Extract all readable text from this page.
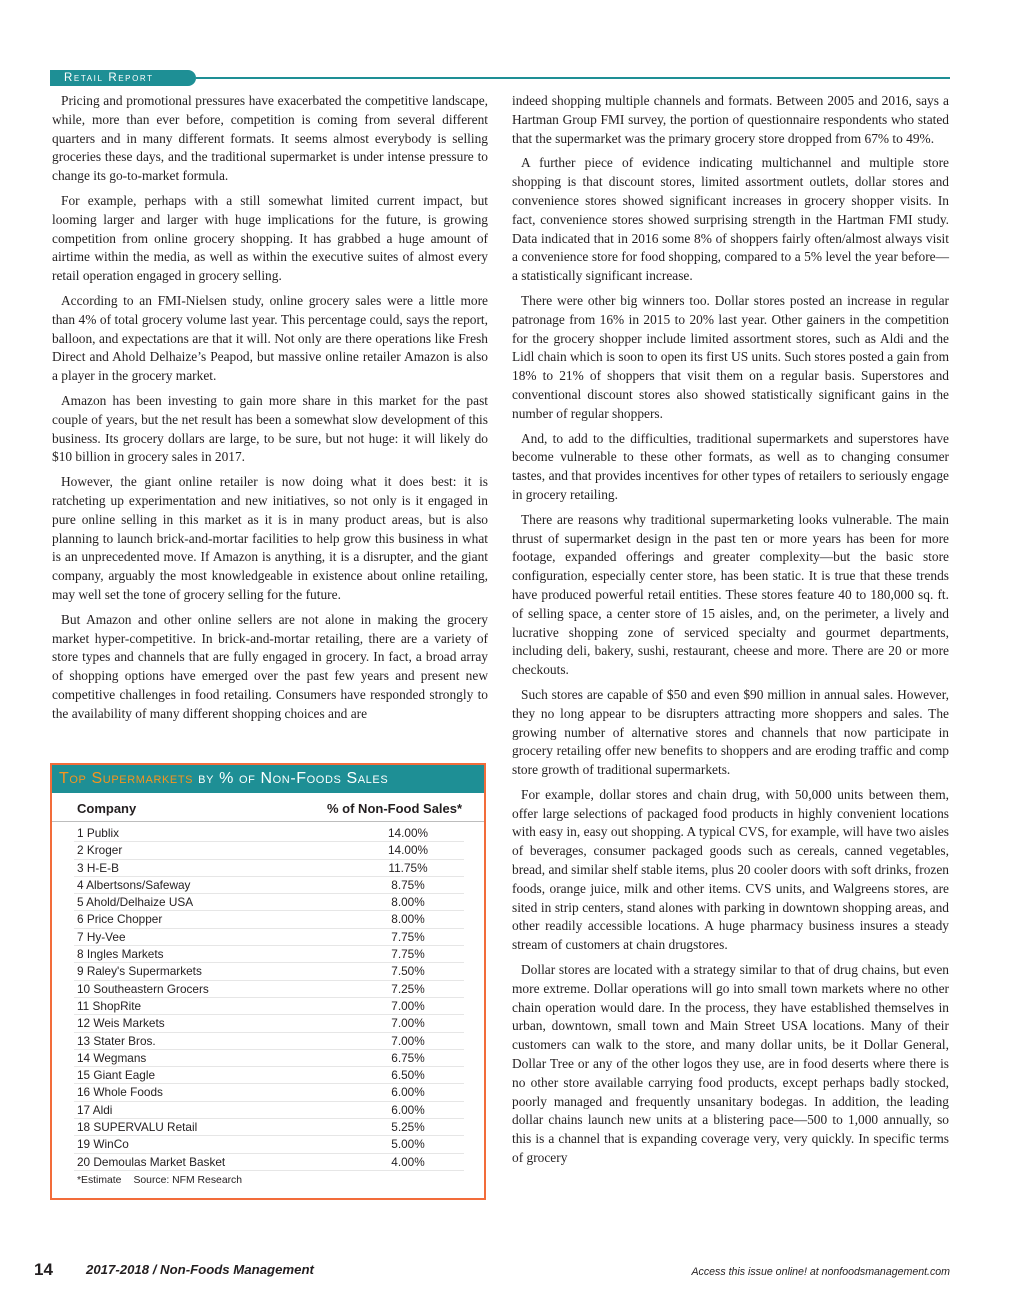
Retail Report

Pricing and promotional pressures have exacerbated the competitive landscape, while, more than ever before, competition is coming from several different quarters and in many different formats. It seems almost everybody is selling groceries these days, and the traditional supermarket is under intense pressure to change its go-to-market formula.

For example, perhaps with a still somewhat limited current impact, but looming larger and larger with huge implications for the future, is growing competition from online grocery shopping. It has grabbed a huge amount of airtime within the media, as well as within the executive suites of almost every retail operation engaged in grocery selling.

According to an FMI-Nielsen study, online grocery sales were a little more than 4% of total grocery volume last year. This percentage could, says the report, balloon, and expectations are that it will. Not only are there operations like Fresh Direct and Ahold Delhaize’s Peapod, but massive online retailer Amazon is also a player in the grocery market.

Amazon has been investing to gain more share in this market for the past couple of years, but the net result has been a somewhat slow development of this business. Its grocery dollars are large, to be sure, but not huge: it will likely do $10 billion in grocery sales in 2017.

However, the giant online retailer is now doing what it does best: it is ratcheting up experimentation and new initiatives, so not only is it engaged in pure online selling in this market as it is in many product areas, but is also planning to launch brick-and-mortar facilities to help grow this business in what is an unprecedented move. If Amazon is anything, it is a disrupter, and the giant company, arguably the most knowledgeable in existence about online retailing, may well set the tone of grocery selling for the future.

But Amazon and other online sellers are not alone in making the grocery market hyper-competitive. In brick-and-mortar retailing, there are a variety of store types and channels that are fully engaged in grocery. In fact, a broad array of shopping options have emerged over the past few years and present new competitive challenges in food retailing. Consumers have responded strongly to the availability of many different shopping choices and are

Top Supermarkets by % of Non-Foods Sales
Company	% of Non-Food Sales*
1 Publix	14.00%
2 Kroger	14.00%
3 H-E-B	11.75%
4 Albertsons/Safeway	8.75%
5 Ahold/Delhaize USA	8.00%
6 Price Chopper	8.00%
7 Hy-Vee	7.75%
8 Ingles Markets	7.75%
9 Raley's Supermarkets	7.50%
10 Southeastern Grocers	7.25%
11 ShopRite	7.00%
12 Weis Markets	7.00%
13 Stater Bros.	7.00%
14 Wegmans	6.75%
15 Giant Eagle	6.50%
16 Whole Foods	6.00%
17 Aldi	6.00%
18 SUPERVALU Retail	5.25%
19 WinCo	5.00%
20 Demoulas Market Basket	4.00%
*Estimate Source: NFM Research

indeed shopping multiple channels and formats. Between 2005 and 2016, says a Hartman Group FMI survey, the portion of questionnaire respondents who stated that the supermarket was the primary grocery store dropped from 67% to 49%.

A further piece of evidence indicating multichannel and multiple store shopping is that discount stores, limited assortment outlets, dollar stores and convenience stores showed significant increases in grocery shopper visits. In fact, convenience stores showed surprising strength in the Hartman FMI study. Data indicated that in 2016 some 8% of shoppers fairly often/almost always visit a convenience store for food shopping, compared to a 5% level the year before—a statistically significant increase.

There were other big winners too. Dollar stores posted an increase in regular patronage from 16% in 2015 to 20% last year. Other gainers in the competition for the grocery shopper include limited assortment stores, such as Aldi and the Lidl chain which is soon to open its first US units. Such stores posted a gain from 18% to 21% of shoppers that visit them on a regular basis. Superstores and conventional discount stores also showed statistically significant gains in the number of regular shoppers.

And, to add to the difficulties, traditional supermarkets and superstores have become vulnerable to these other formats, as well as to changing consumer tastes, and that provides incentives for other types of retailers to seriously engage in grocery retailing.

There are reasons why traditional supermarketing looks vulnerable. The main thrust of supermarket design in the past ten or more years has been for more footage, expanded offerings and greater complexity—but the basic store configuration, especially center store, has been static. It is true that these trends have produced powerful retail entities. These stores feature 40 to 180,000 sq. ft. of selling space, a center store of 15 aisles, and, on the perimeter, a lively and lucrative shopping zone of serviced specialty and gourmet departments, including deli, bakery, sushi, restaurant, cheese and more. There are 20 or more checkouts.

Such stores are capable of $50 and even $90 million in annual sales. However, they no long appear to be disrupters attracting more shoppers and sales. The growing number of alternative stores and channels that now participate in grocery retailing offer new benefits to shoppers and are eroding traffic and comp store growth of traditional supermarkets.

For example, dollar stores and chain drug, with 50,000 units between them, offer large selections of packaged food products in highly convenient locations with easy in, easy out shopping. A typical CVS, for example, will have two aisles of beverages, consumer packaged goods such as cereals, canned vegetables, bread, and similar shelf stable items, plus 20 cooler doors with soft drinks, frozen foods, orange juice, milk and other items. CVS units, and Walgreens stores, are sited in strip centers, stand alones with parking in downtown shopping areas, and other readily accessible locations. A huge pharmacy business insures a steady stream of customers at chain drugstores.

Dollar stores are located with a strategy similar to that of drug chains, but even more extreme. Dollar operations will go into small town markets where no other chain operation would dare. In the process, they have established themselves in urban, downtown, small town and Main Street USA locations. Many of their customers can walk to the store, and many dollar units, be it Dollar General, Dollar Tree or any of the other logos they use, are in food deserts where there is no other store available carrying food products, except perhaps badly stocked, poorly managed and frequently unsanitary bodegas. In addition, the leading dollar chains launch new units at a blistering pace—500 to 1,000 annually, so this is a channel that is expanding coverage very, very quickly. In specific terms of grocery

14	2017-2018 / Non-Foods Management	Access this issue online! at nonfoodsmanagement.com
